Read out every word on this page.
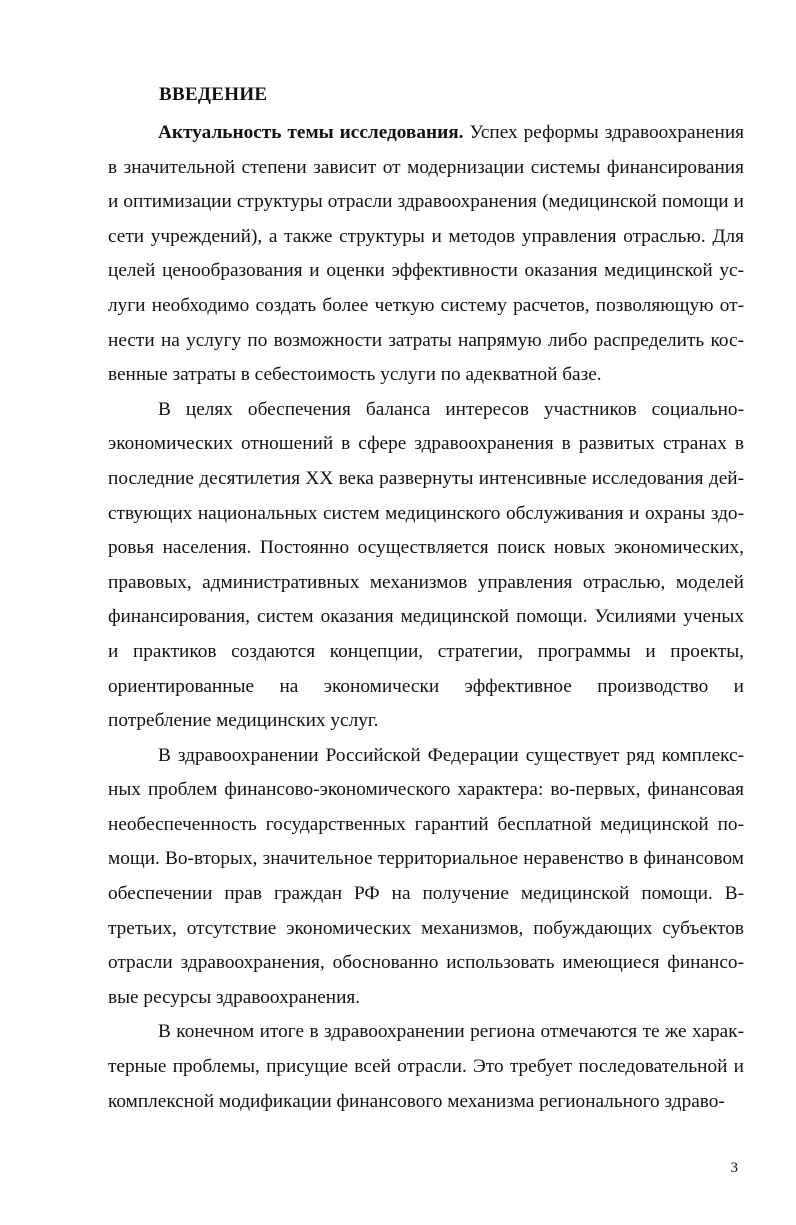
ВВЕДЕНИЕ

Актуальность темы исследования. Успех реформы здравоохранения в значительной степени зависит от модернизации системы финансирования и оптимизации структуры отрасли здравоохранения (медицинской помощи и сети учреждений), а также структуры и методов управления отраслью. Для целей ценообразования и оценки эффективности оказания медицинской услуги необходимо создать более четкую систему расчетов, позволяющую отнести на услугу по возможности затраты напрямую либо распределить косвенные затраты в себестоимость услуги по адекватной базе.

В целях обеспечения баланса интересов участников социально-экономических отношений в сфере здравоохранения в развитых странах в последние десятилетия XX века развернуты интенсивные исследования действующих национальных систем медицинского обслуживания и охраны здоровья населения. Постоянно осуществляется поиск новых экономических, правовых, административных механизмов управления отраслью, моделей финансирования, систем оказания медицинской помощи. Усилиями ученых и практиков создаются концепции, стратегии, программы и проекты, ориентированные на экономически эффективное производство и потребление медицинских услуг.

В здравоохранении Российской Федерации существует ряд комплексных проблем финансово-экономического характера: во-первых, финансовая необеспеченность государственных гарантий бесплатной медицинской помощи. Во-вторых, значительное территориальное неравенство в финансовом обеспечении прав граждан РФ на получение медицинской помощи. В-третьих, отсутствие экономических механизмов, побуждающих субъектов отрасли здравоохранения, обоснованно использовать имеющиеся финансовые ресурсы здравоохранения.

В конечном итоге в здравоохранении региона отмечаются те же характерные проблемы, присущие всей отрасли. Это требует последовательной и комплексной модификации финансового механизма регионального здраво-

3
